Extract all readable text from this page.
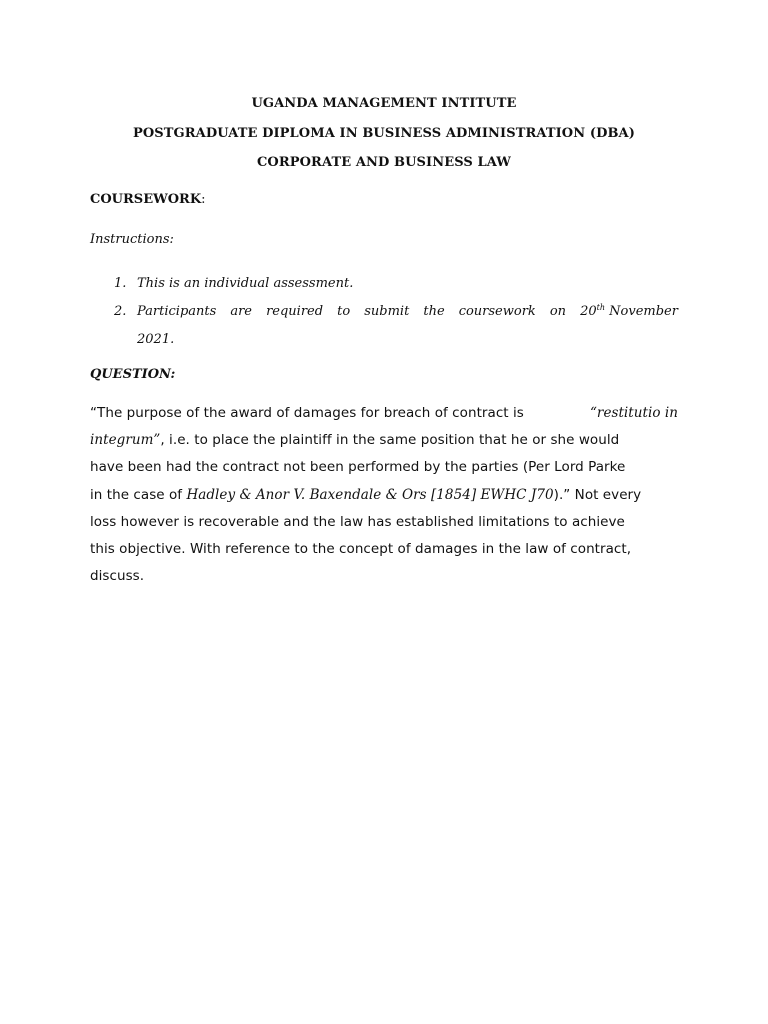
UGANDA MANAGEMENT INTITUTE
POSTGRADUATE DIPLOMA IN BUSINESS ADMINISTRATION (DBA)
CORPORATE AND BUSINESS LAW
COURSEWORK:
Instructions:
1. This is an individual assessment.
2. Participants are required to submit the coursework on 20th November
2021.
QUESTION:
“The purpose of the award of damages for breach of contract is	“restitutio in
integrum”, i.e. to place the plaintiff in the same position that he or she would
have been had the contract not been performed by the parties (Per Lord Parke
in the case of Hadley & Anor V. Baxendale & Ors [1854] EWHC J70).” Not every
loss however is recoverable and the law has established limitations to achieve
this objective. With reference to the concept of damages in the law of contract,
discuss.
